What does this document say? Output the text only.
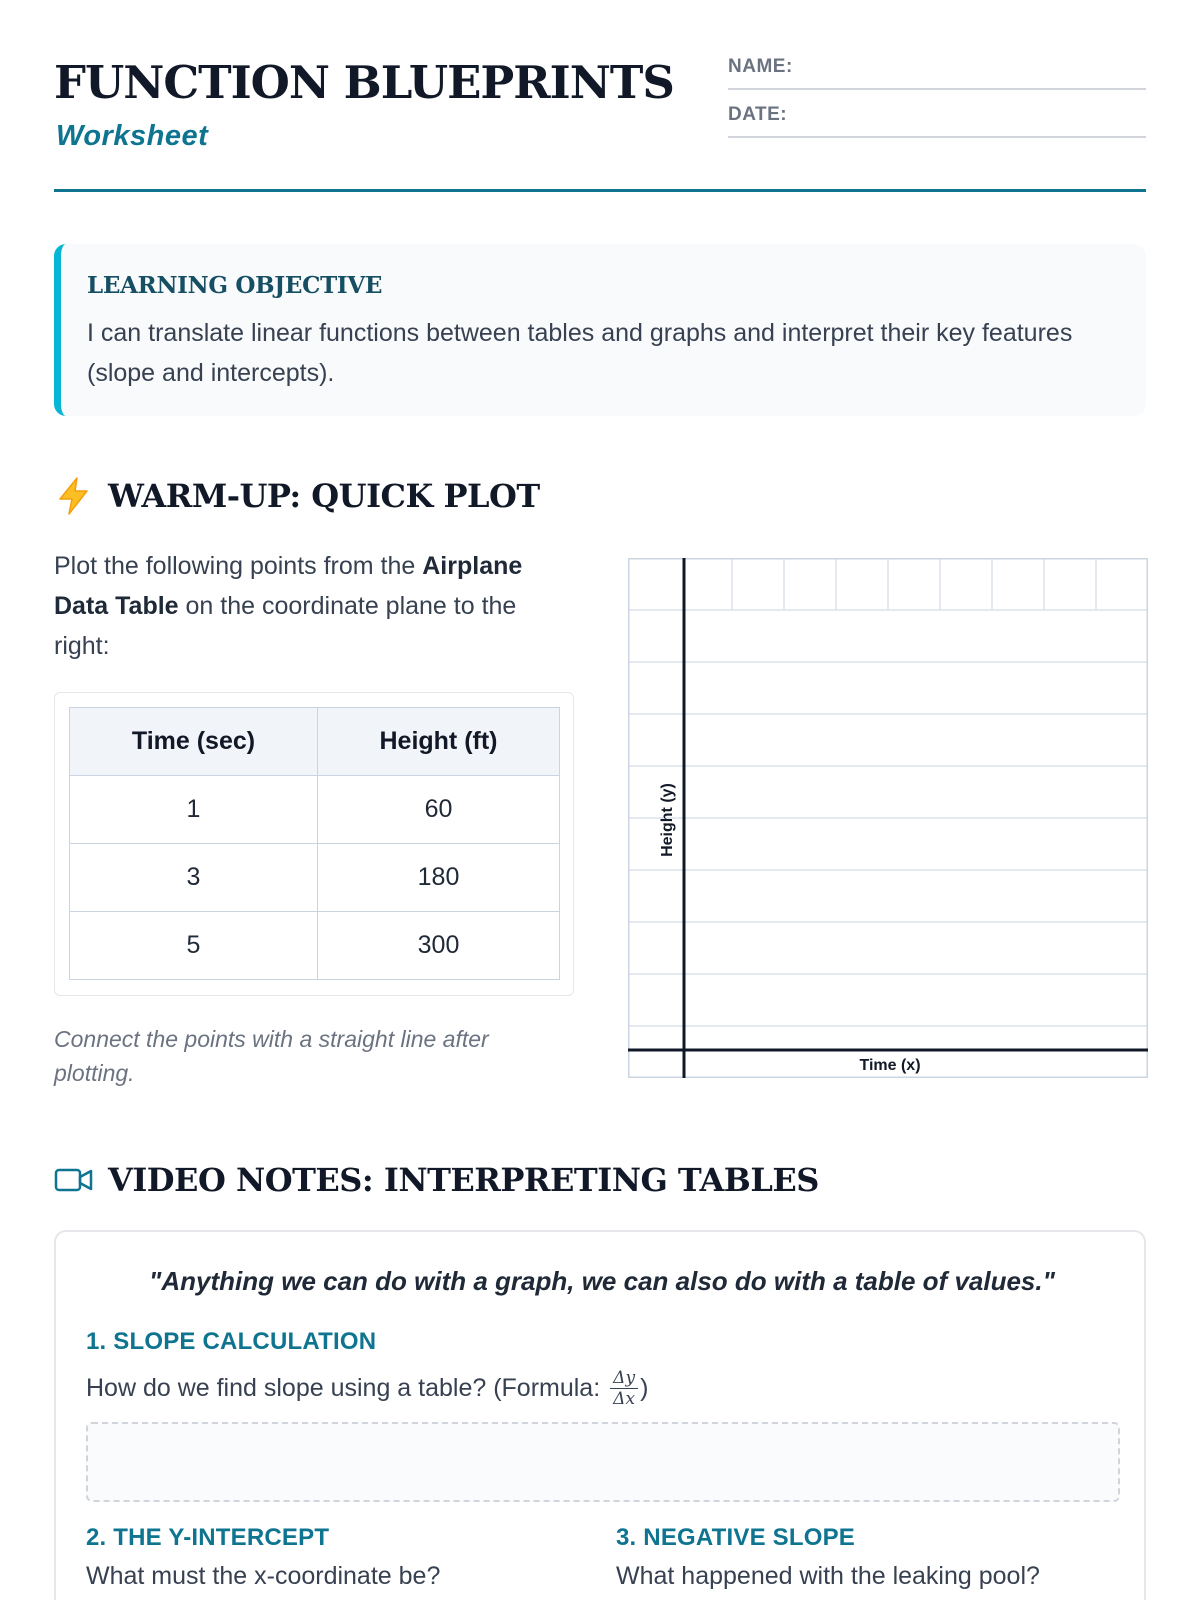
FUNCTION BLUEPRINTS
Worksheet
NAME:
DATE:
LEARNING OBJECTIVE
I can translate linear functions between tables and graphs and interpret their key features (slope and intercepts).
WARM-UP: QUICK PLOT
Plot the following points from the Airplane Data Table on the coordinate plane to the right:
Time (sec)	Height (ft)
1	60
3	180
5	300
Connect the points with a straight line after plotting.
Height (y)
Time (x)
VIDEO NOTES: INTERPRETING TABLES
"Anything we can do with a graph, we can also do with a table of values."
1. SLOPE CALCULATION
How do we find slope using a table? (Formula: $\frac{\Delta y}{\Delta x}$ )
2. THE Y-INTERCEPT
What must the x-coordinate be?
3. NEGATIVE SLOPE
What happened with the leaking pool?
